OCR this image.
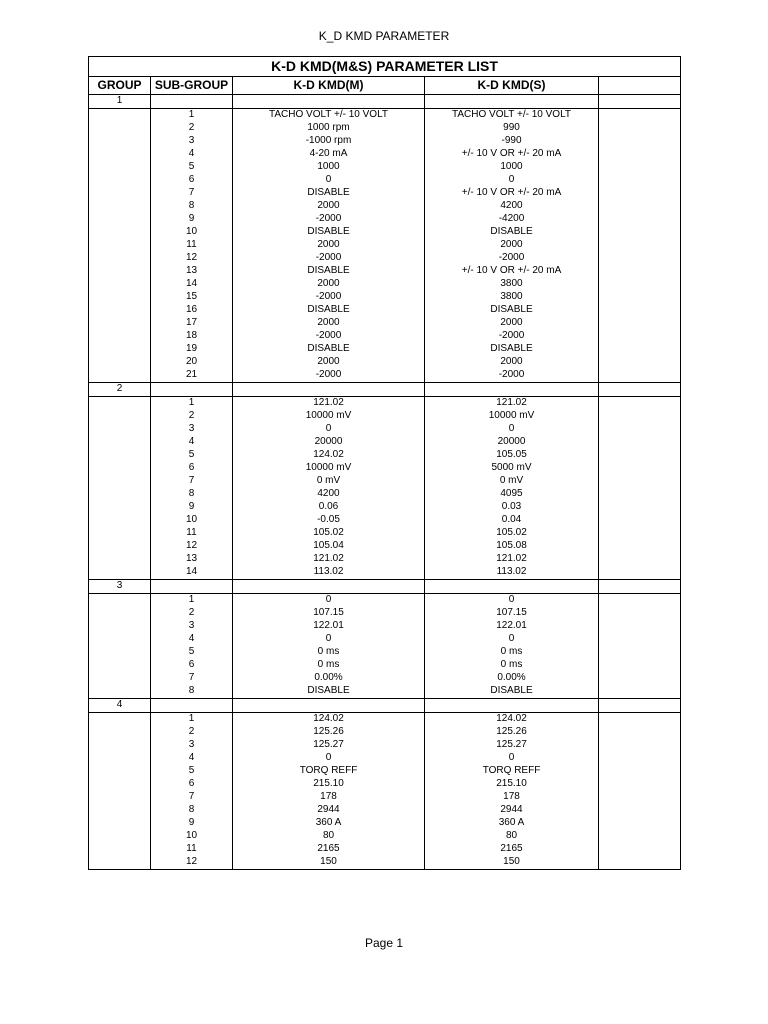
K_D KMD PARAMETER
K-D KMD(M&S) PARAMETER LIST				
GROUP	SUB-GROUP	K-D KMD(M)	K-D KMD(S)	
1				
	1	TACHO VOLT +/- 10 VOLT	TACHO VOLT +/- 10 VOLT	
	2	1000 rpm	990	
	3	-1000 rpm	-990	
	4	4-20 mA	+/- 10 V OR +/- 20 mA	
	5	1000	1000	
	6	0	0	
	7	DISABLE	+/- 10 V OR +/- 20 mA	
	8	2000	4200	
	9	-2000	-4200	
	10	DISABLE	DISABLE	
	11	2000	2000	
	12	-2000	-2000	
	13	DISABLE	+/- 10 V OR +/- 20 mA	
	14	2000	3800	
	15	-2000	3800	
	16	DISABLE	DISABLE	
	17	2000	2000	
	18	-2000	-2000	
	19	DISABLE	DISABLE	
	20	2000	2000	
	21	-2000	-2000	
2				
	1	121.02	121.02	
	2	10000 mV	10000 mV	
	3	0	0	
	4	20000	20000	
	5	124.02	105.05	
	6	10000 mV	5000 mV	
	7	0 mV	0 mV	
	8	4200	4095	
	9	0.06	0.03	
	10	-0.05	0.04	
	11	105.02	105.02	
	12	105.04	105.08	
	13	121.02	121.02	
	14	113.02	113.02	
3				
	1	0	0	
	2	107.15	107.15	
	3	122.01	122.01	
	4	0	0	
	5	0 ms	0 ms	
	6	0 ms	0 ms	
	7	0.00%	0.00%	
	8	DISABLE	DISABLE	
4				
	1	124.02	124.02	
	2	125.26	125.26	
	3	125.27	125.27	
	4	0	0	
	5	TORQ REFF	TORQ REFF	
	6	215.10	215.10	
	7	178	178	
	8	2944	2944	
	9	360 A	360 A	
	10	80	80	
	11	2165	2165	
	12	150	150	
Page 1
